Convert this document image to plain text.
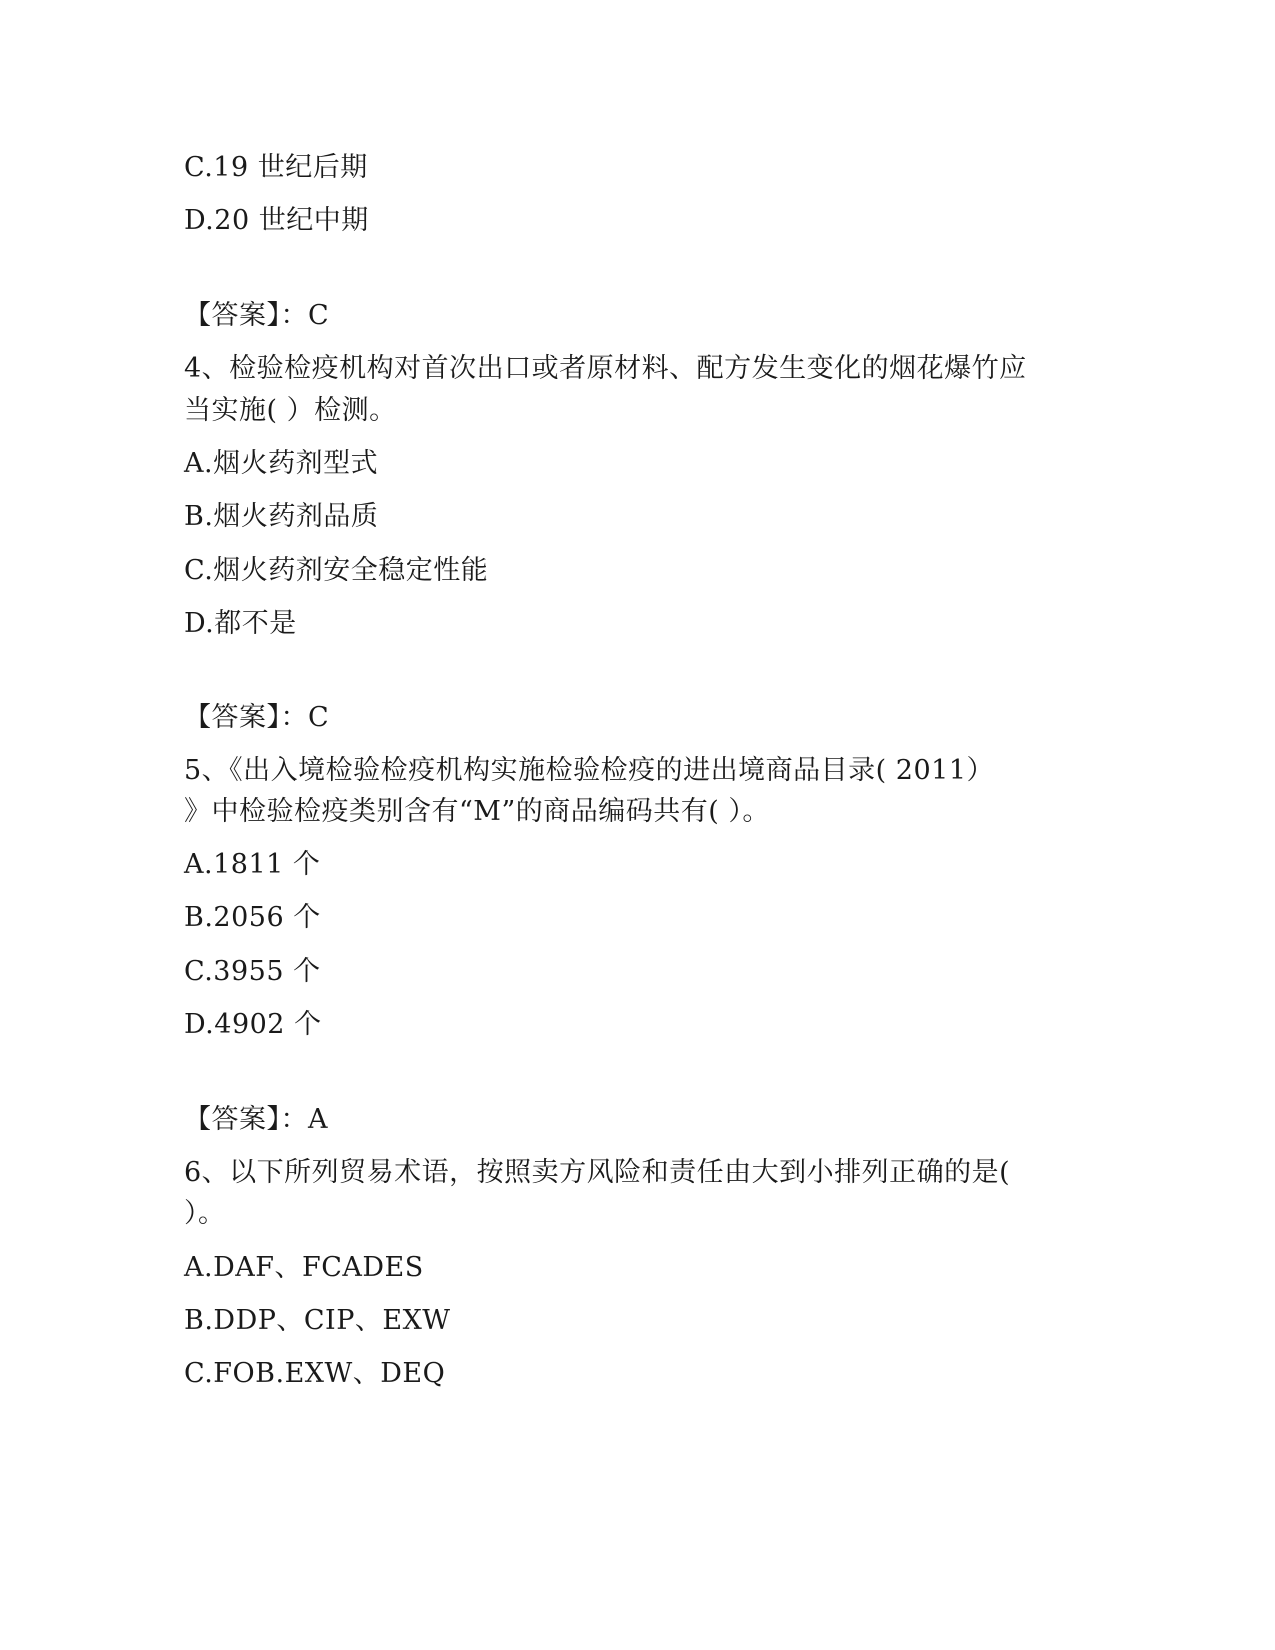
C.19 世纪后期
D.20 世纪中期
【答案】：C
4、检验检疫机构对首次出口或者原材料、配方发生变化的烟花爆竹应
当实施( ）检测。
A.烟火药剂型式
B.烟火药剂品质
C.烟火药剂安全稳定性能
D.都不是
【答案】：C
5、《出入境检验检疫机构实施检验检疫的进出境商品目录( 2011）
》中检验检疫类别含有“M”的商品编码共有( ）。
A.1811 个
B.2056 个
C.3955 个
D.4902 个
【答案】：A
6、以下所列贸易术语，按照卖方风险和责任由大到小排列正确的是(
）。
A.DAF、FCADES
B.DDP、CIP、EXW
C.FOB.EXW、DEQ
